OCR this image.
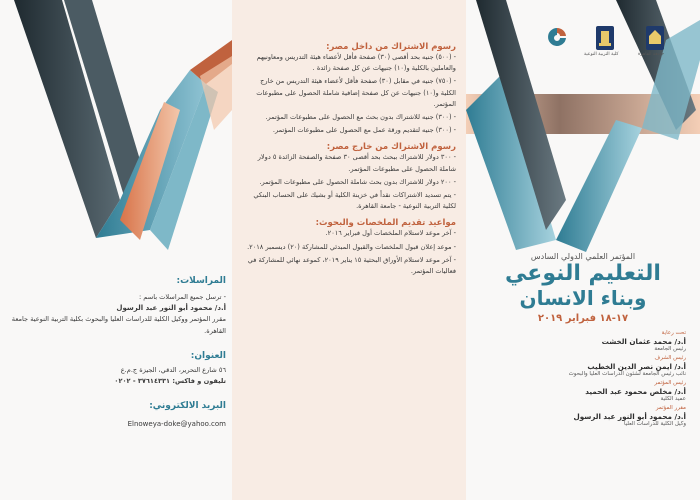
المراسلات:
- ترسل جميع المراسلات باسم :
أ.د/ محمود أبو النور عبد الرسول
مقرر المؤتمر ووكيل الكلية للدراسات العليا والبحوث بكلية التربية النوعية جامعة القاهرة.
العنوان:
٥٦ شارع التحرير، الدقي، الجيزة ج.م.ع
تليفون و فاكس: ٣٧٦١٤٣٣١ - ٠٢٠٢
البريد الالكتروني:
Elnoweya-doke@yahoo.com
رسوم الاشتراك من داخل مصر:
- (٥٠٠) جنيه بحد أقصى (٣٠) صفحة فأقل لأعضاء هيئة التدريس ومعاونيهم والعاملين بالكلية و(١٠) جنيهات عن كل صفحة زائدة .
- (٧٥٠) جنيه في مقابل (٣٠) صفحة فأقل لأعضاء هيئة التدريس من خارج الكلية و(١٠) جنيهات عن كل صفحة إضافية شاملة الحصول على مطبوعات المؤتمر.
- (٣٠٠) جنيه للاشتراك بدون بحث مع الحصول على مطبوعات المؤتمر.
- (٣٠٠) جنيه لتقديم ورقة عمل مع الحصول على مطبوعات المؤتمر.
رسوم الاشتراك من خارج مصر:
- ٣٠٠ دولار للاشتراك ببحث بحد أقصى ٣٠ صفحة والصفحة الزائدة ٥ دولار شاملة الحصول على مطبوعات المؤتمر.
- ٢٠٠ دولار للاشتراك بدون بحث شاملة الحصول على مطبوعات المؤتمر.
- يتم تسديد الاشتراكات نقداً في خزينة الكلية أو بشيك على الحساب البنكي لكلية التربية النوعية - جامعة القاهرة.
مواعيد تقديم الملخصات والبحوث:
- آخر موعد لاستلام الملخصات أول فبراير ٢٠١٦.
- موعد إعلان قبول الملخصات والقبول المبدئي للمشاركة (٢٠) ديسمبر ٢٠١٨.
- آخر موعد لاستلام الأوراق البحثية ١٥ يناير ٢٠١٩، كموعد نهائي للمشاركة في فعاليات المؤتمر.
كلية التربية النوعية	جامعة القاهرة
المؤتمر العلمي الدولي السادس
التعليم النوعي
وبناء الانسان
١٧-١٨ فبراير ٢٠١٩
تحت رعاية
أ.د/ محمد عثمان الخشت
رئيس الجامعة
رئيس الشرف
أ.د/ ايمن نصر الدين الخطيب
نائب رئيس الجامعة لشئون الدراسات العليا والبحوث
رئيس المؤتمر
أ.د/ مخلص محمود عبد الحميد
عميد الكلية
مقرر المؤتمر
أ.د/ محمود أبو النور عبد الرسول
وكيل الكلية للدراسات العليا
